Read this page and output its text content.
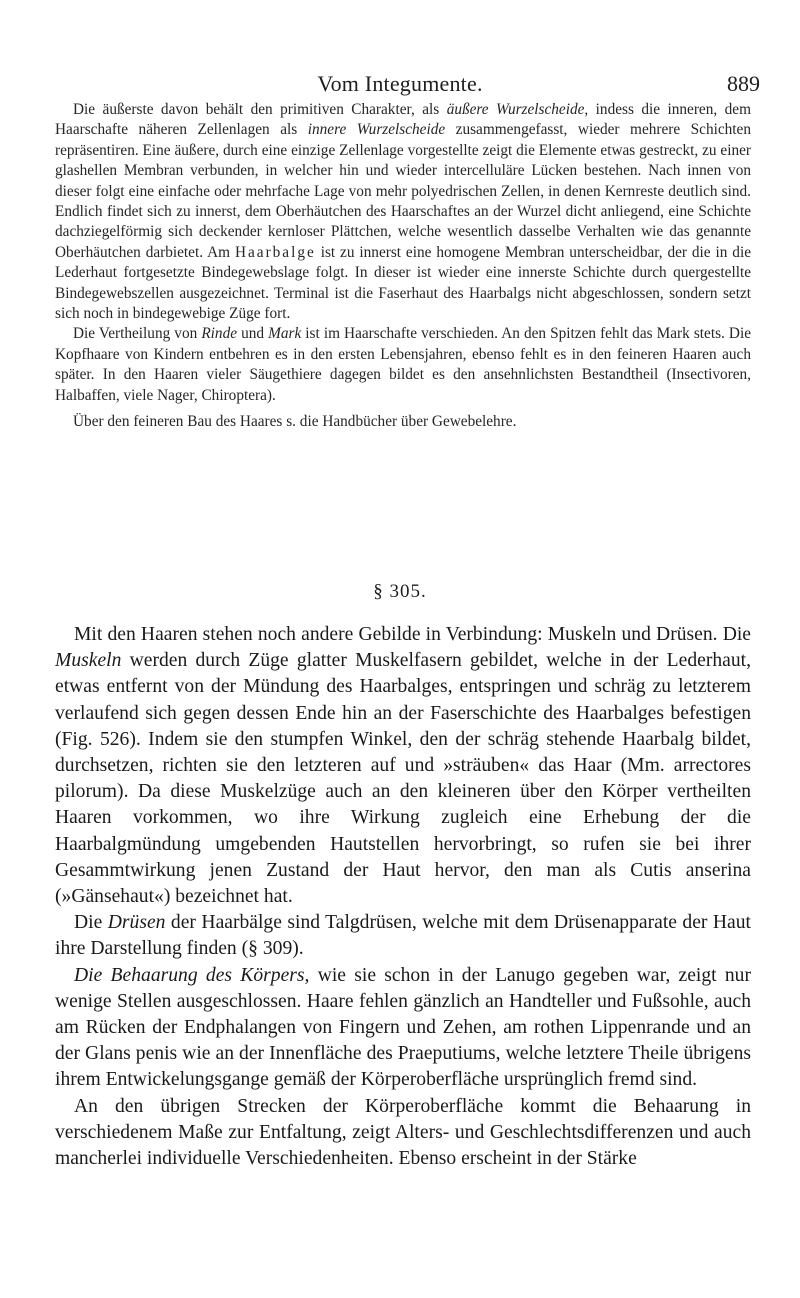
Vom Integumente.	889

Die äußerste davon behält den primitiven Charakter, als äußere Wurzelscheide, indess die inneren, dem Haarschafte näheren Zellenlagen als innere Wurzelscheide zusammengefasst, wieder mehrere Schichten repräsentiren. Eine äußere, durch eine einzige Zellenlage vorgestellte zeigt die Elemente etwas gestreckt, zu einer glashellen Membran verbunden, in welcher hin und wieder intercelluläre Lücken bestehen. Nach innen von dieser folgt eine einfache oder mehrfache Lage von mehr polyedrischen Zellen, in denen Kernreste deutlich sind. Endlich findet sich zu innerst, dem Oberhäutchen des Haarschaftes an der Wurzel dicht anliegend, eine Schichte dachziegelförmig sich deckender kernloser Plättchen, welche wesentlich dasselbe Verhalten wie das genannte Oberhäutchen darbietet. Am Haarbalge ist zu innerst eine homogene Membran unterscheidbar, der die in die Lederhaut fortgesetzte Bindegewebslage folgt. In dieser ist wieder eine innerste Schichte durch quergestellte Bindegewebszellen ausgezeichnet. Terminal ist die Faserhaut des Haarbalgs nicht abgeschlossen, sondern setzt sich noch in bindegewebige Züge fort.

Die Vertheilung von Rinde und Mark ist im Haarschafte verschieden. An den Spitzen fehlt das Mark stets. Die Kopfhaare von Kindern entbehren es in den ersten Lebensjahren, ebenso fehlt es in den feineren Haaren auch später. In den Haaren vieler Säugethiere dagegen bildet es den ansehnlichsten Bestandtheil (Insectivoren, Halbaffen, viele Nager, Chiroptera).

Über den feineren Bau des Haares s. die Handbücher über Gewebelehre.

§ 305.

Mit den Haaren stehen noch andere Gebilde in Verbindung: Muskeln und Drüsen. Die Muskeln werden durch Züge glatter Muskelfasern gebildet, welche in der Lederhaut, etwas entfernt von der Mündung des Haarbalges, entspringen und schräg zu letzterem verlaufend sich gegen dessen Ende hin an der Faserschichte des Haarbalges befestigen (Fig. 526). Indem sie den stumpfen Winkel, den der schräg stehende Haarbalg bildet, durchsetzen, richten sie den letzteren auf und »sträuben« das Haar (Mm. arrectores pilorum). Da diese Muskelzüge auch an den kleineren über den Körper vertheilten Haaren vorkommen, wo ihre Wirkung zugleich eine Erhebung der die Haarbalgmündung umgebenden Hautstellen hervorbringt, so rufen sie bei ihrer Gesammtwirkung jenen Zustand der Haut hervor, den man als Cutis anserina (»Gänsehaut«) bezeichnet hat.

Die Drüsen der Haarbälge sind Talgdrüsen, welche mit dem Drüsenapparate der Haut ihre Darstellung finden (§ 309).

Die Behaarung des Körpers, wie sie schon in der Lanugo gegeben war, zeigt nur wenige Stellen ausgeschlossen. Haare fehlen gänzlich an Handteller und Fußsohle, auch am Rücken der Endphalangen von Fingern und Zehen, am rothen Lippenrande und an der Glans penis wie an der Innenfläche des Praeputiums, welche letztere Theile übrigens ihrem Entwickelungsgange gemäß der Körperoberfläche ursprünglich fremd sind.

An den übrigen Strecken der Körperoberfläche kommt die Behaarung in verschiedenem Maße zur Entfaltung, zeigt Alters- und Geschlechtsdifferenzen und auch mancherlei individuelle Verschiedenheiten. Ebenso erscheint in der Stärke
